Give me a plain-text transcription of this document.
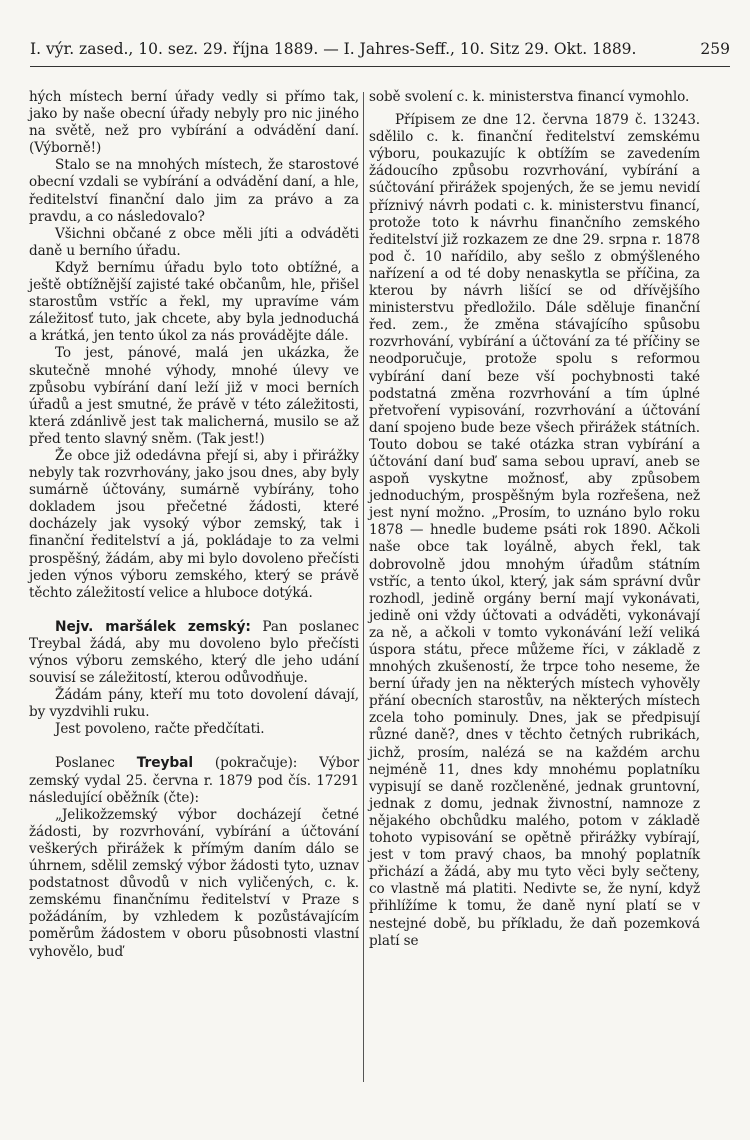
I. výr. zased., 10. sez. 29. října 1889. — I. Jahres-Seff., 10. Sitz 29. Okt. 1889.	259

hých místech berní úřady vedly si přímo tak, jako by naše obecní úřady nebyly pro nic jiného na světě, než pro vybírání a odvádění daní. (Výborně!)

Stalo se na mnohých místech, že starostové obecní vzdali se vybírání a odvádění daní, a hle, ředitelství finanční dalo jim za právo a za pravdu, a co následovalo?

Všichni občané z obce měli jíti a odváděti daně u berního úřadu.

Když bernímu úřadu bylo toto obtížné, a ještě obtížnější zajisté také občanům, hle, přišel starostům vstříc a řekl, my upravíme vám záležitosť tuto, jak chcete, aby byla jednoduchá a krátká, jen tento úkol za nás provádějte dále.

To jest, pánové, malá jen ukázka, že skutečně mnohé výhody, mnohé úlevy ve způsobu vybírání daní leží již v moci berních úřadů a jest smutné, že právě v této záležitosti, která zdánlivě jest tak malicherná, musilo se až před tento slavný sněm. (Tak jest!)

Že obce již odedávna přejí si, aby i přirážky nebyly tak rozvrhovány, jako jsou dnes, aby byly sumárně účtovány, sumárně vybírány, toho dokladem jsou přečetné žádosti, které docházely jak vysoký výbor zemský, tak i finanční ředitelství a já, pokládaje to za velmi prospěšný, žádám, aby mi bylo dovoleno přečísti jeden výnos výboru zemského, který se právě těchto záležitostí velice a hluboce dotýká.

Nejv. maršálek zemský: Pan poslanec Treybal žádá, aby mu dovoleno bylo přečísti výnos výboru zemského, který dle jeho udání souvisí se záležitostí, kterou odůvodňuje.

Žádám pány, kteří mu toto dovolení dávají, by vyzdvihli ruku.

Jest povoleno, račte předčítati.

Poslanec Treybal (pokračuje): Výbor zemský vydal 25. června r. 1879 pod čís. 17291 následující oběžník (čte):

„Jelikožzemský výbor docházejí četné žádosti, by rozvrhování, vybírání a účtování veškerých přirážek k přímým daním dálo se úhrnem, sdělil zemský výbor žádosti tyto, uznav podstatnost důvodů v nich vyličených, c. k. zemskému finančnímu ředitelství v Praze s požádáním, by vzhledem k pozůstávajícím poměrům žádostem v oboru působnosti vlastní vyhovělo, buď

sobě svolení c. k. ministerstva financí vymohlo.

Přípisem ze dne 12. června 1879 č. 13243. sdělilo c. k. finanční ředitelství zemskému výboru, poukazujíc k obtížím se zavedením žádoucího způsobu rozvrhování, vybírání a súčtování přirážek spojených, že se jemu nevidí příznivý návrh podati c. k. ministerstvu financí, protože toto k návrhu finančního zemského ředitelství již rozkazem ze dne 29. srpna r. 1878 pod č. 10 nařídilo, aby sešlo z obmýšleného nařízení a od té doby nenaskytla se příčina, za kterou by návrh lišící se od dřívějšího ministerstvu předložilo. Dále sděluje finanční řed. zem., že změna stávajícího spůsobu rozvrhování, vybírání a účtování za té příčiny se neodporučuje, protože spolu s reformou vybírání daní beze vší pochybnosti také podstatná změna rozvrhování a tím úplné přetvoření vypisování, rozvrhování a účtování daní spojeno bude beze všech přirážek státních. Touto dobou se také otázka stran vybírání a účtování daní buď sama sebou upraví, aneb se aspoň vyskytne možnosť, aby způsobem jednoduchým, prospěšným byla rozřešena, než jest nyní možno. „Prosím, to uznáno bylo roku 1878 — hnedle budeme psáti rok 1890. Ačkoli naše obce tak loyálně, abych řekl, tak dobrovolně jdou mnohým úřadům státním vstříc, a tento úkol, který, jak sám správní dvůr rozhodl, jedině orgány berní mají vykonávati, jedině oni vždy účtovati a odváděti, vykonávají za ně, a ačkoli v tomto vykonávání leží veliká úspora státu, přece můžeme říci, v základě z mnohých zkušeností, že trpce toho neseme, že berní úřady jen na některých místech vyhověly přání obecních starostův, na některých místech zcela toho pominuly. Dnes, jak se předpisují různé daně?, dnes v těchto četných rubrikách, jichž, prosím, nalézá se na každém archu nejméně 11, dnes kdy mnohému poplatníku vypisují se daně rozčleněné, jednak gruntovní, jednak z domu, jednak živnostní, namnoze z nějakého obchůdku malého, potom v základě tohoto vypisování se opětně přirážky vybírají, jest v tom pravý chaos, ba mnohý poplatník přichází a žádá, aby mu tyto věci byly sečteny, co vlastně má platiti. Nedivte se, že nyní, když přihlížíme k tomu, že daně nyní platí se v nestejné době, bu příkladu, že daň pozemková platí se
